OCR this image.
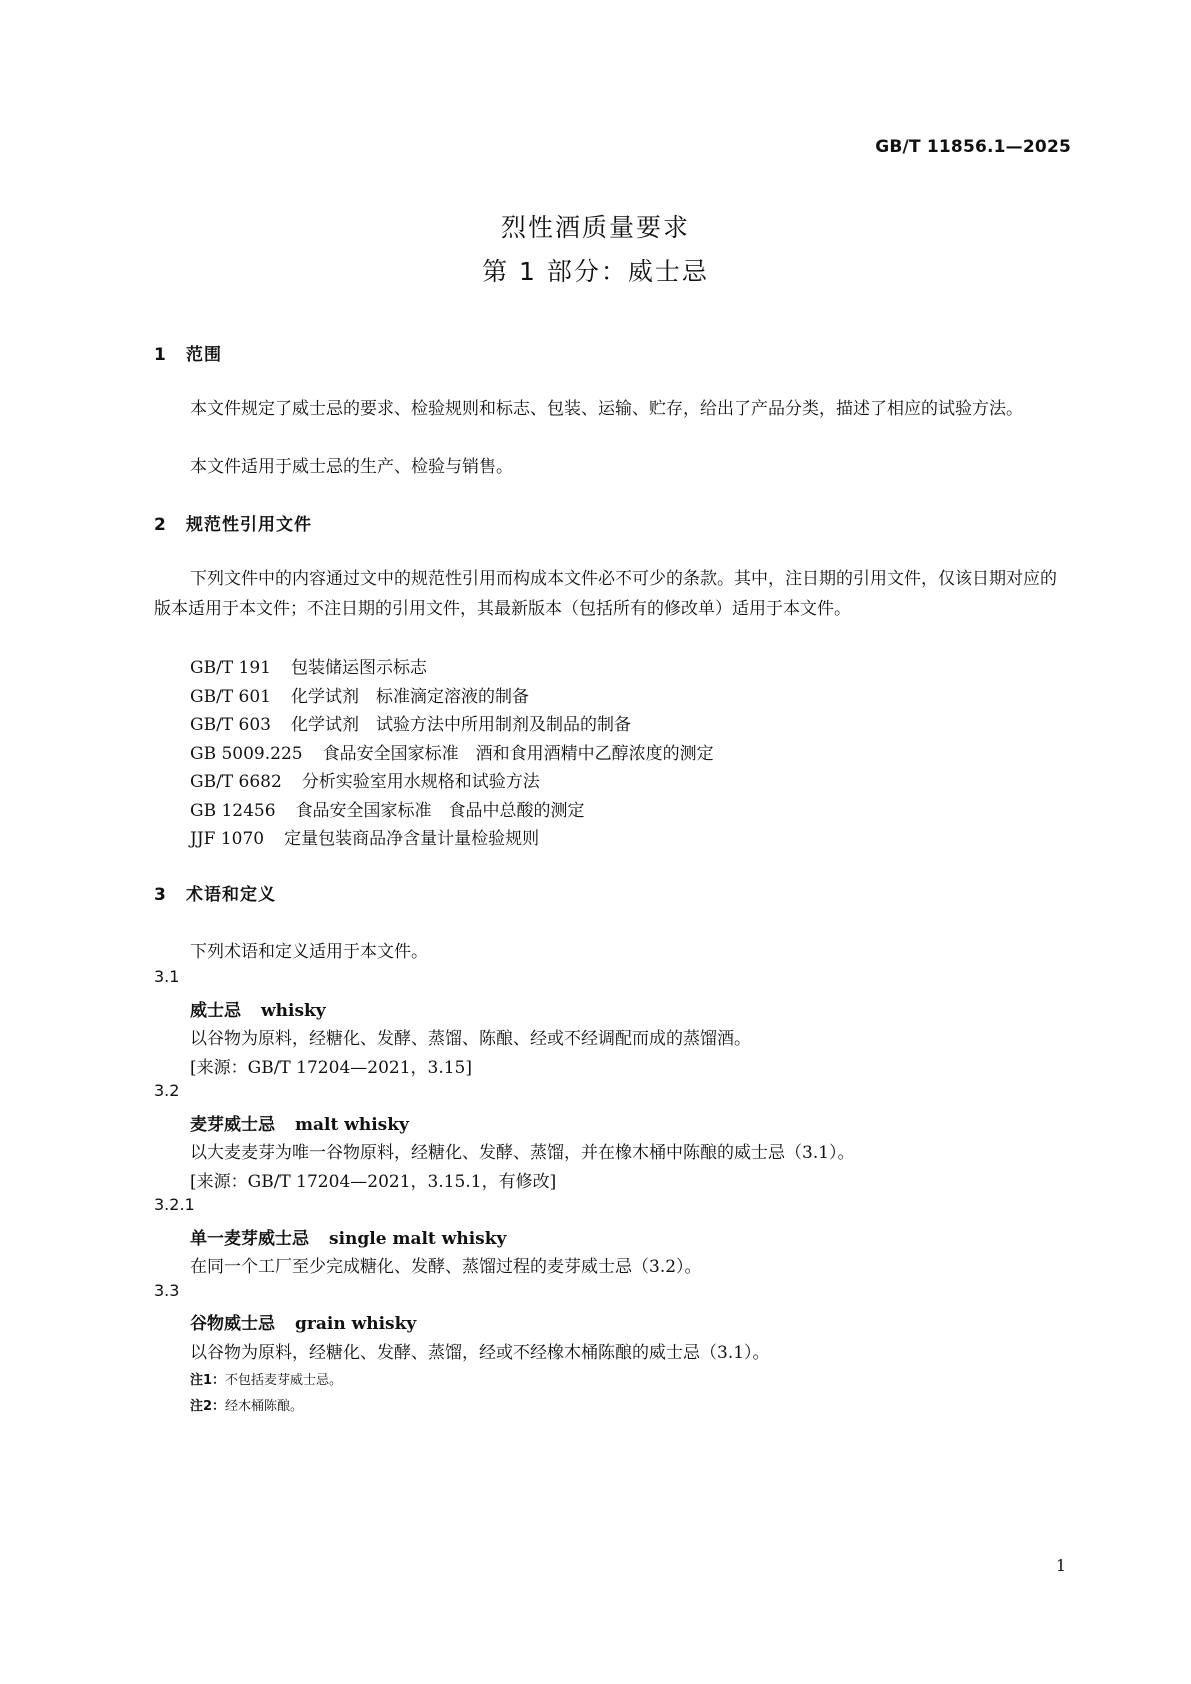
GB/T 11856.1—2025
烈性酒质量要求
第 1 部分：威士忌
1 范围
本文件规定了威士忌的要求、检验规则和标志、包装、运输、贮存，给出了产品分类，描述了相应的试验方法。
本文件适用于威士忌的生产、检验与销售。
2 规范性引用文件
下列文件中的内容通过文中的规范性引用而构成本文件必不可少的条款。其中，注日期的引用文件，仅该日期对应的版本适用于本文件；不注日期的引用文件，其最新版本（包括所有的修改单）适用于本文件。
GB/T 191 包装储运图示标志
GB/T 601 化学试剂　标准滴定溶液的制备
GB/T 603 化学试剂　试验方法中所用制剂及制品的制备
GB 5009.225 食品安全国家标准　酒和食用酒精中乙醇浓度的测定
GB/T 6682 分析实验室用水规格和试验方法
GB 12456 食品安全国家标准　食品中总酸的测定
JJF 1070 定量包装商品净含量计量检验规则
3 术语和定义
下列术语和定义适用于本文件。
3.1
威士忌 whisky
以谷物为原料，经糖化、发酵、蒸馏、陈酿、经或不经调配而成的蒸馏酒。
[来源：GB/T 17204—2021，3.15]
3.2
麦芽威士忌 malt whisky
以大麦麦芽为唯一谷物原料，经糖化、发酵、蒸馏，并在橡木桶中陈酿的威士忌（3.1）。
[来源：GB/T 17204—2021，3.15.1，有修改]
3.2.1
单一麦芽威士忌 single malt whisky
在同一个工厂至少完成糖化、发酵、蒸馏过程的麦芽威士忌（3.2）。
3.3
谷物威士忌 grain whisky
以谷物为原料，经糖化、发酵、蒸馏，经或不经橡木桶陈酿的威士忌（3.1）。
注1：不包括麦芽威士忌。
注2：经木桶陈酿。
1
